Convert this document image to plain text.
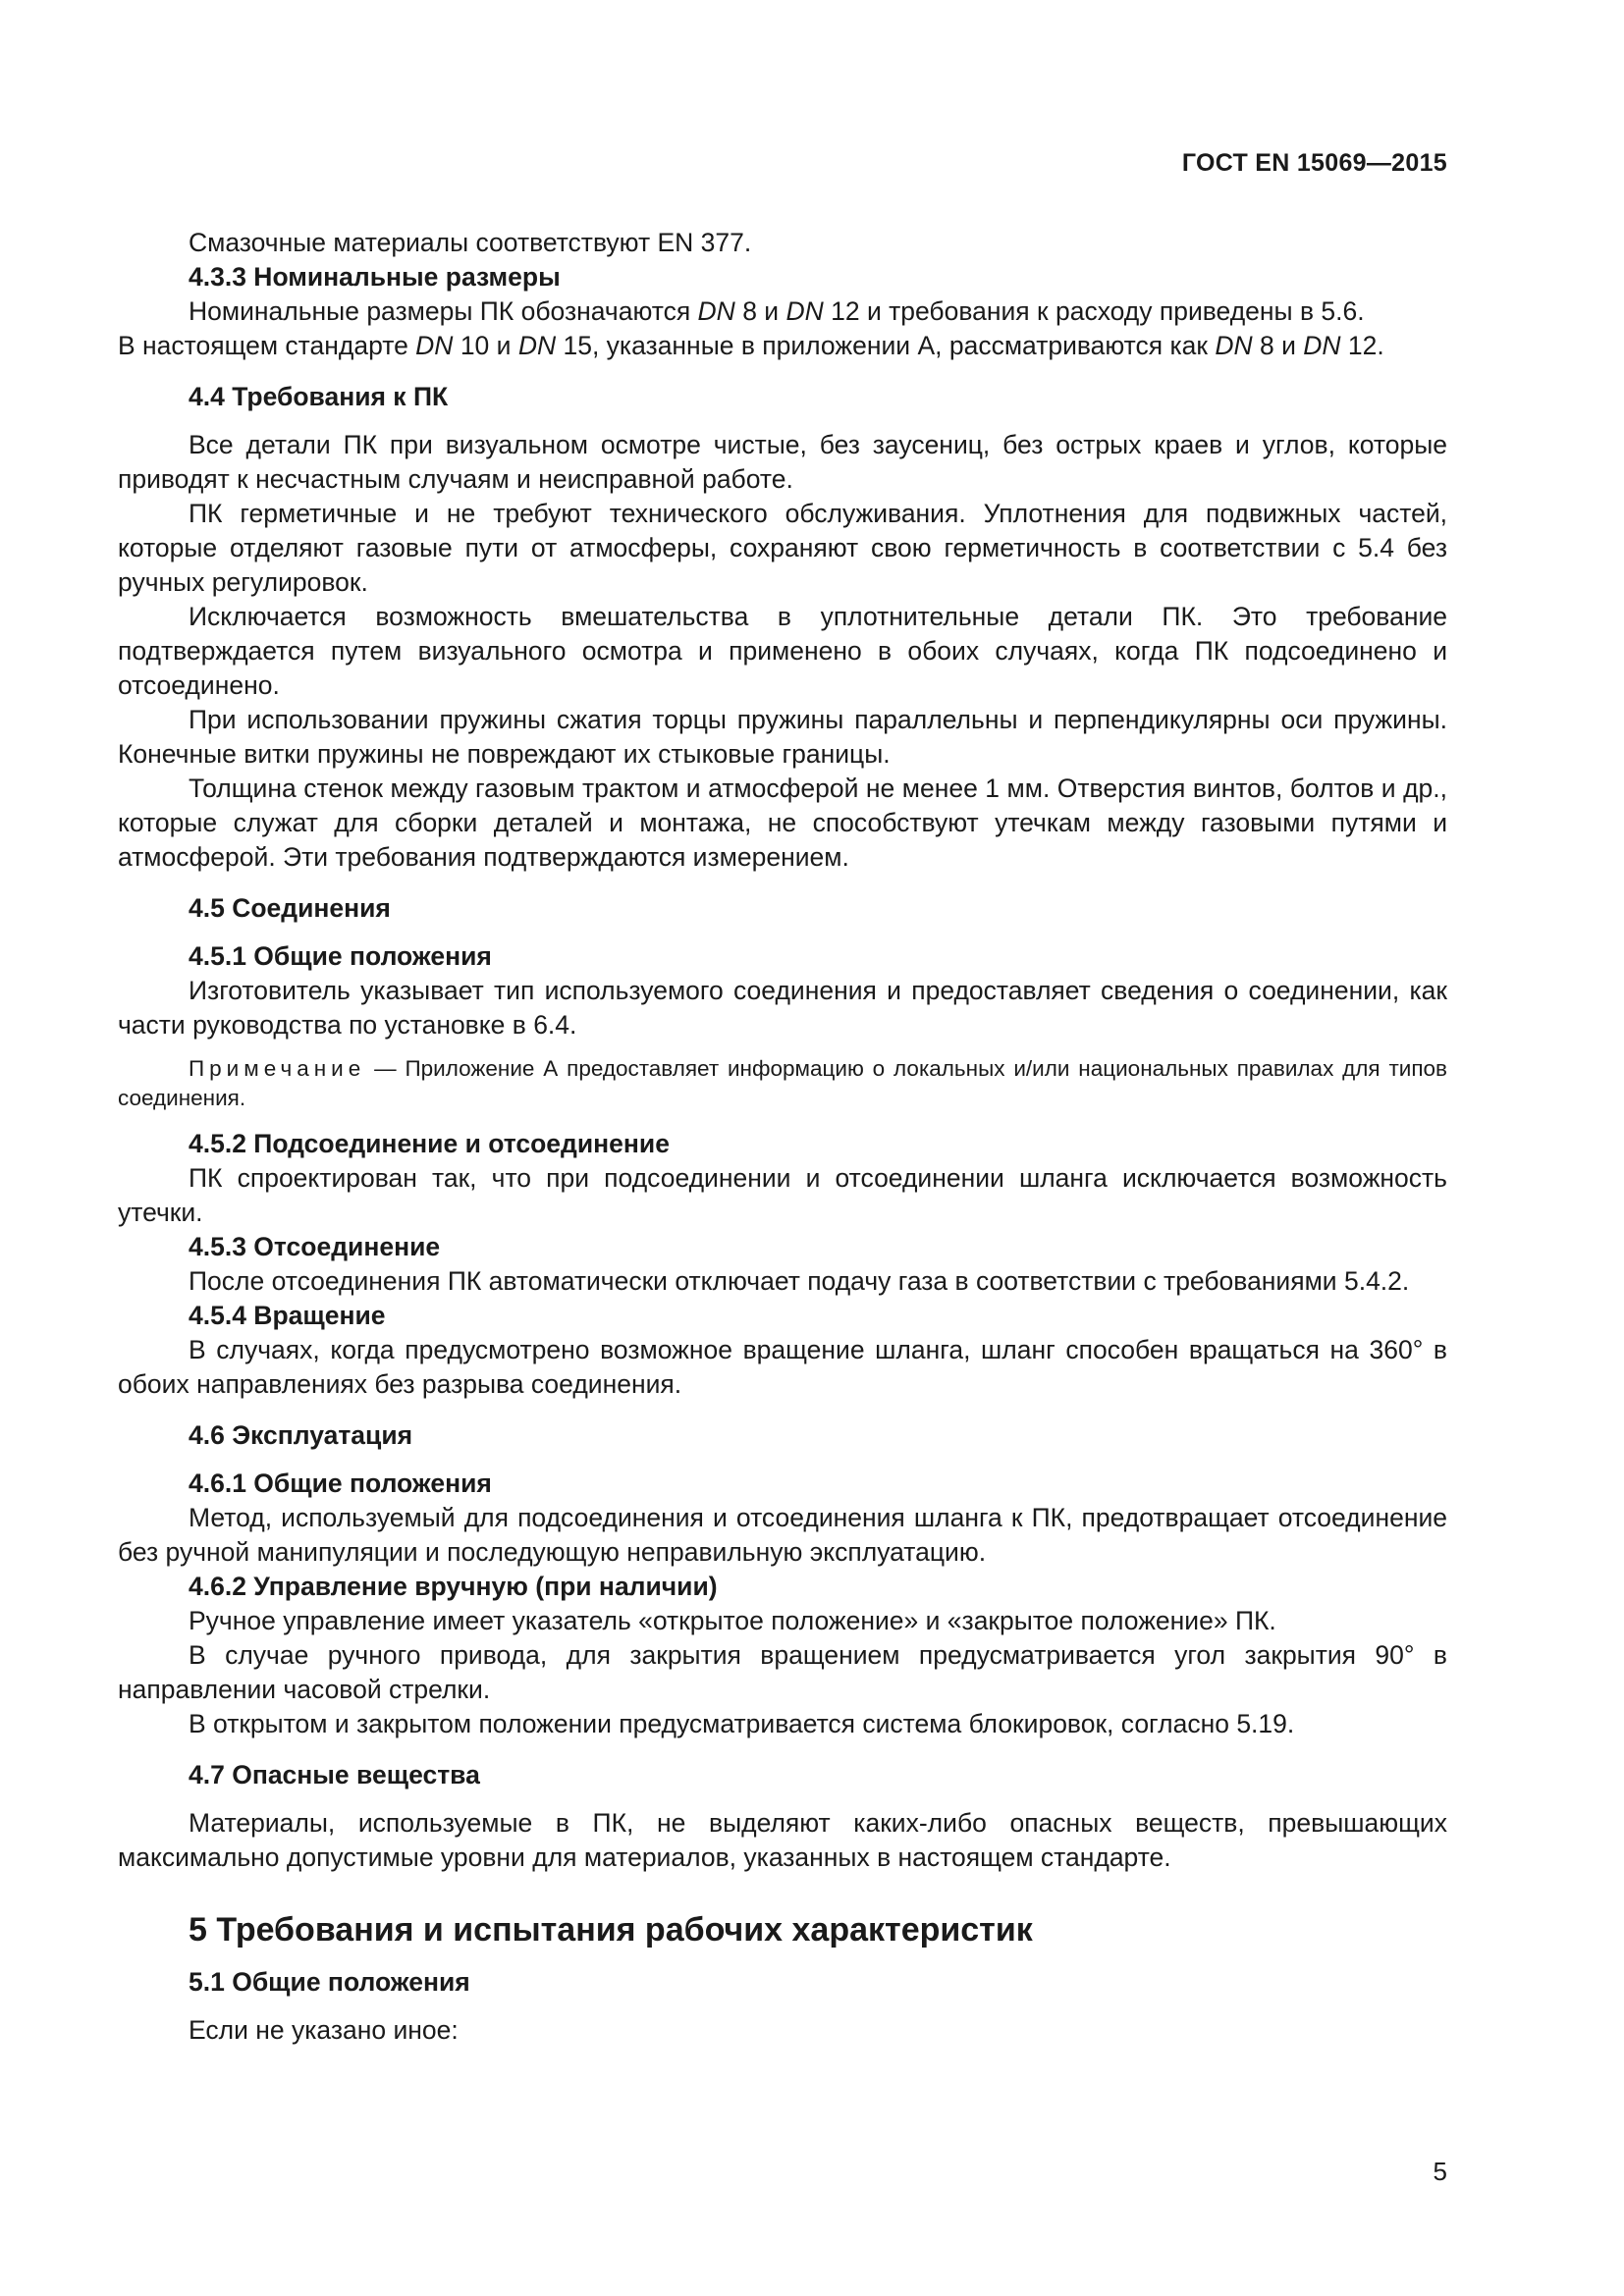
ГОСТ EN 15069—2015

Смазочные материалы соответствуют EN 377.

4.3.3 Номинальные размеры

Номинальные размеры ПК обозначаются DN 8 и DN 12 и требования к расходу приведены в 5.6.

В настоящем стандарте DN 10 и DN 15, указанные в приложении А, рассматриваются как DN 8 и DN 12.

4.4 Требования к ПК

Все детали ПК при визуальном осмотре чистые, без заусениц, без острых краев и углов, которые приводят к несчастным случаям и неисправной работе.

ПК герметичные и не требуют технического обслуживания. Уплотнения для подвижных частей, которые отделяют газовые пути от атмосферы, сохраняют свою герметичность в соответствии с 5.4 без ручных регулировок.

Исключается возможность вмешательства в уплотнительные детали ПК. Это требование подтверждается путем визуального осмотра и применено в обоих случаях, когда ПК подсоединено и отсоединено.

При использовании пружины сжатия торцы пружины параллельны и перпендикулярны оси пружины. Конечные витки пружины не повреждают их стыковые границы.

Толщина стенок между газовым трактом и атмосферой не менее 1 мм. Отверстия винтов, болтов и др., которые служат для сборки деталей и монтажа, не способствуют утечкам между газовыми путями и атмосферой. Эти требования подтверждаются измерением.

4.5 Соединения

4.5.1 Общие положения

Изготовитель указывает тип используемого соединения и предоставляет сведения о соединении, как части руководства по установке в 6.4.

Примечание — Приложение А предоставляет информацию о локальных и/или национальных правилах для типов соединения.

4.5.2 Подсоединение и отсоединение

ПК спроектирован так, что при подсоединении и отсоединении шланга исключается возможность утечки.

4.5.3 Отсоединение

После отсоединения ПК автоматически отключает подачу газа в соответствии с требованиями 5.4.2.

4.5.4 Вращение

В случаях, когда предусмотрено возможное вращение шланга, шланг способен вращаться на 360° в обоих направлениях без разрыва соединения.

4.6 Эксплуатация

4.6.1 Общие положения

Метод, используемый для подсоединения и отсоединения шланга к ПК, предотвращает отсоединение без ручной манипуляции и последующую неправильную эксплуатацию.

4.6.2 Управление вручную (при наличии)

Ручное управление имеет указатель «открытое положение» и «закрытое положение» ПК.

В случае ручного привода, для закрытия вращением предусматривается угол закрытия 90° в направлении часовой стрелки.

В открытом и закрытом положении предусматривается система блокировок, согласно 5.19.

4.7 Опасные вещества

Материалы, используемые в ПК, не выделяют каких-либо опасных веществ, превышающих максимально допустимые уровни для материалов, указанных в настоящем стандарте.

5 Требования и испытания рабочих характеристик

5.1 Общие положения

Если не указано иное:

5
